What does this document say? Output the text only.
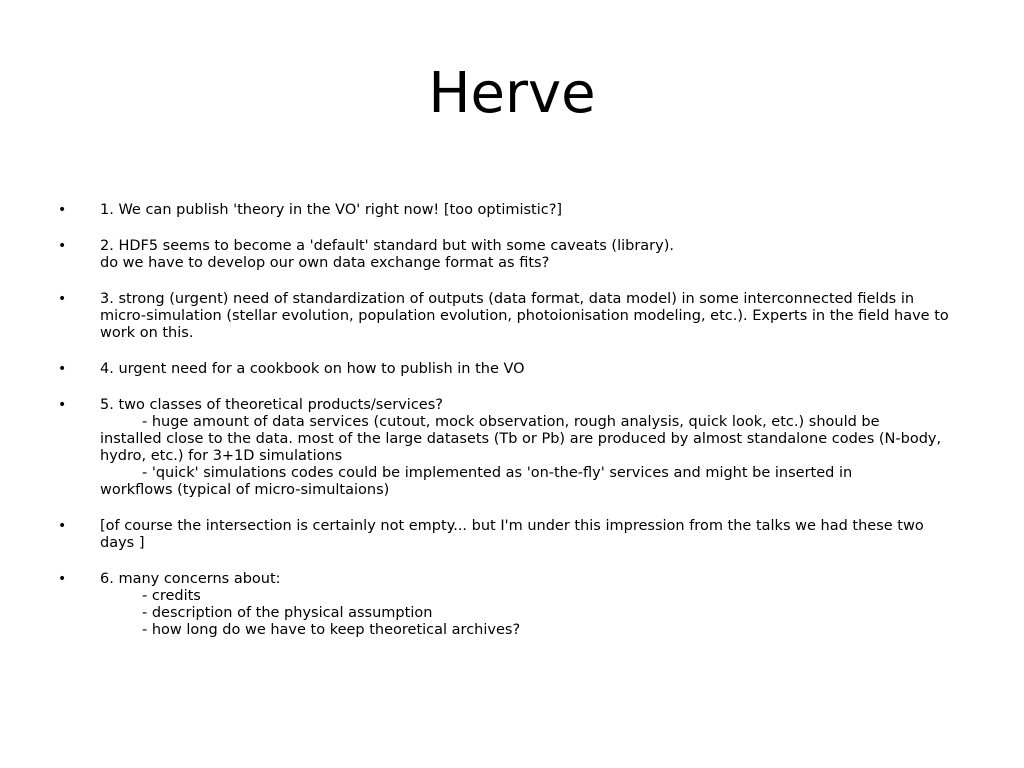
Herve
• 1. We can publish 'theory in the VO' right now! [too optimistic?]
• 2. HDF5 seems to become a 'default' standard but with some caveats (library).
do we have to develop our own data exchange format as fits?
• 3. strong (urgent) need of standardization of outputs (data format, data model) in some interconnected fields in micro-simulation (stellar evolution, population evolution, photoionisation modeling, etc.). Experts in the field have to work on this.
• 4. urgent need for a cookbook on how to publish in the VO
• 5. two classes of theoretical products/services?
- huge amount of data services (cutout, mock observation, rough analysis, quick look, etc.) should be
installed close to the data. most of the large datasets (Tb or Pb) are produced by almost standalone codes (N-body, hydro, etc.) for 3+1D simulations
- 'quick' simulations codes could be implemented as 'on-the-fly' services and might be inserted in
workflows (typical of micro-simultaions)
• [of course the intersection is certainly not empty... but I'm under this impression from the talks we had these two days ]
• 6. many concerns about:
- credits
- description of the physical assumption
- how long do we have to keep theoretical archives?
